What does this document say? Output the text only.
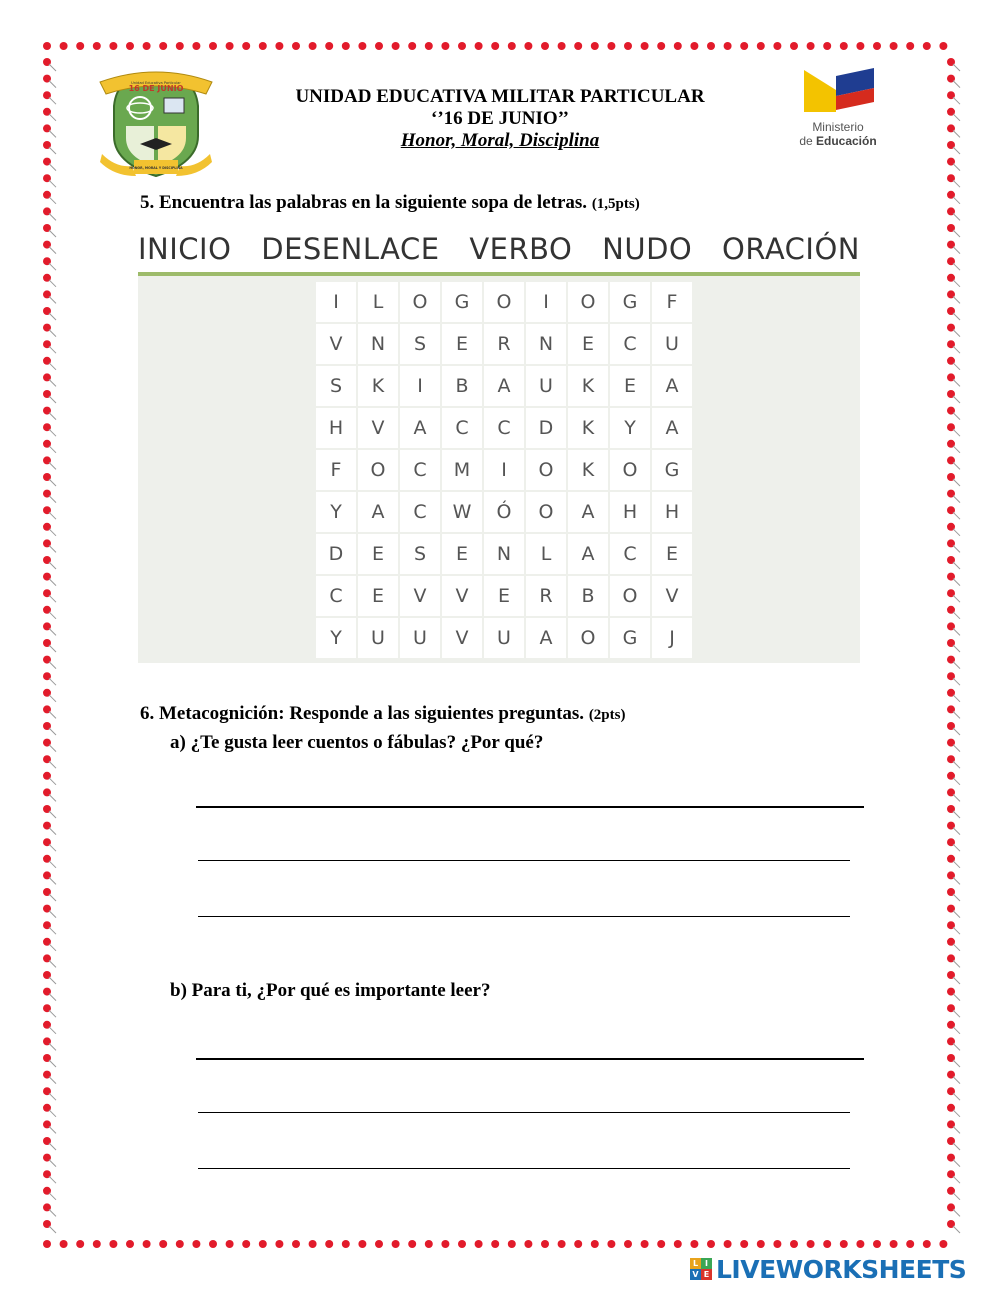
Unidad Educativa Particular
16 DE JUNIO
HONOR, MORAL Y DISCIPLINA
UNIDAD EDUCATIVA MILITAR PARTICULAR
‘’16 DE JUNIO’’
Honor, Moral, Disciplina
Ministerio
de Educación
5. Encuentra las palabras en la siguiente sopa de letras. (1,5pts)
INICIO DESENLACE VERBO NUDO ORACIÓN
I	L	O	G	O	I	O	G	F
V	N	S	E	R	N	E	C	U
S	K	I	B	A	U	K	E	A
H	V	A	C	C	D	K	Y	A
F	O	C	M	I	O	K	O	G
Y	A	C	W	Ó	O	A	H	H
D	E	S	E	N	L	A	C	E
C	E	V	V	E	R	B	O	V
Y	U	U	V	U	A	O	G	J
6. Metacognición: Responde a las siguientes preguntas. (2pts)
a) ¿Te gusta leer cuentos o fábulas? ¿Por qué?
b) Para ti, ¿Por qué es importante leer?
L I
V E LIVEWORKSHEETS
